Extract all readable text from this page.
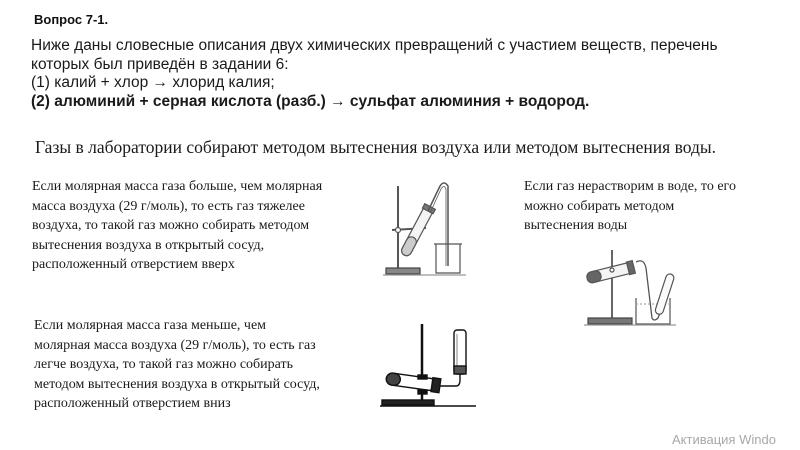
Вопрос 7-1.
Ниже даны словесные описания двух химических превращений с участием веществ, перечень
которых был приведён в задании 6:
(1) калий + хлор → хлорид калия;
(2) алюминий + серная кислота (разб.) → сульфат алюминия + водород.
Газы в лаборатории собирают методом вытеснения воздуха или методом вытеснения воды.
Если молярная масса газа больше, чем молярная
масса воздуха (29 г/моль), то есть газ тяжелее
воздуха, то такой газ можно собирать методом
вытеснения воздуха в открытый сосуд,
расположенный отверстием вверх
Если газ нерастворим в воде, то его
можно собирать методом
вытеснения воды
Если молярная масса газа меньше, чем
молярная масса воздуха (29 г/моль), то есть газ
легче воздуха, то такой газ можно собирать
методом вытеснения воздуха в открытый сосуд,
расположенный отверстием вниз
Активация Windo
